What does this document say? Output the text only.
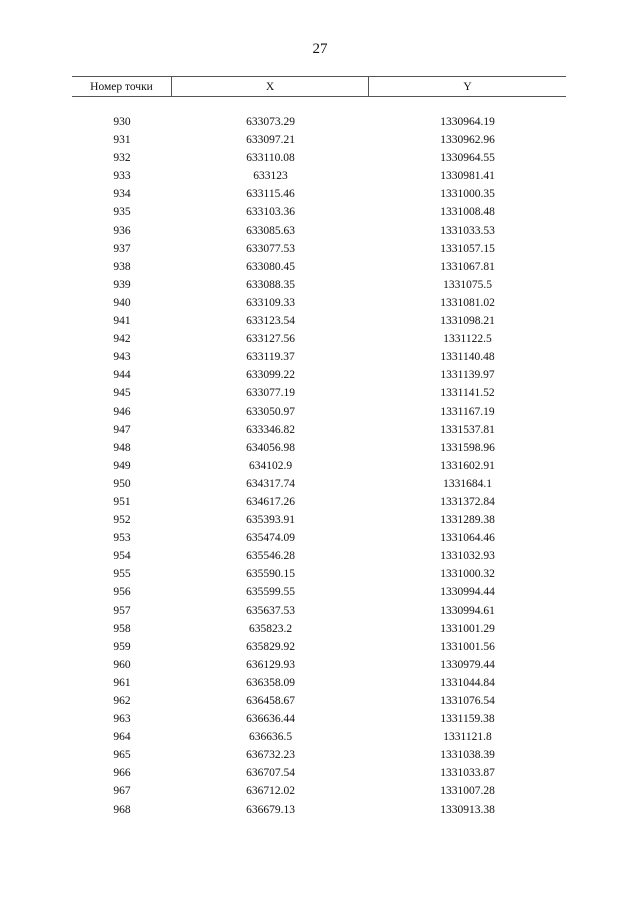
27
Номер точки	X	Y
930	633073.29	1330964.19
931	633097.21	1330962.96
932	633110.08	1330964.55
933	633123	1330981.41
934	633115.46	1331000.35
935	633103.36	1331008.48
936	633085.63	1331033.53
937	633077.53	1331057.15
938	633080.45	1331067.81
939	633088.35	1331075.5
940	633109.33	1331081.02
941	633123.54	1331098.21
942	633127.56	1331122.5
943	633119.37	1331140.48
944	633099.22	1331139.97
945	633077.19	1331141.52
946	633050.97	1331167.19
947	633346.82	1331537.81
948	634056.98	1331598.96
949	634102.9	1331602.91
950	634317.74	1331684.1
951	634617.26	1331372.84
952	635393.91	1331289.38
953	635474.09	1331064.46
954	635546.28	1331032.93
955	635590.15	1331000.32
956	635599.55	1330994.44
957	635637.53	1330994.61
958	635823.2	1331001.29
959	635829.92	1331001.56
960	636129.93	1330979.44
961	636358.09	1331044.84
962	636458.67	1331076.54
963	636636.44	1331159.38
964	636636.5	1331121.8
965	636732.23	1331038.39
966	636707.54	1331033.87
967	636712.02	1331007.28
968	636679.13	1330913.38
